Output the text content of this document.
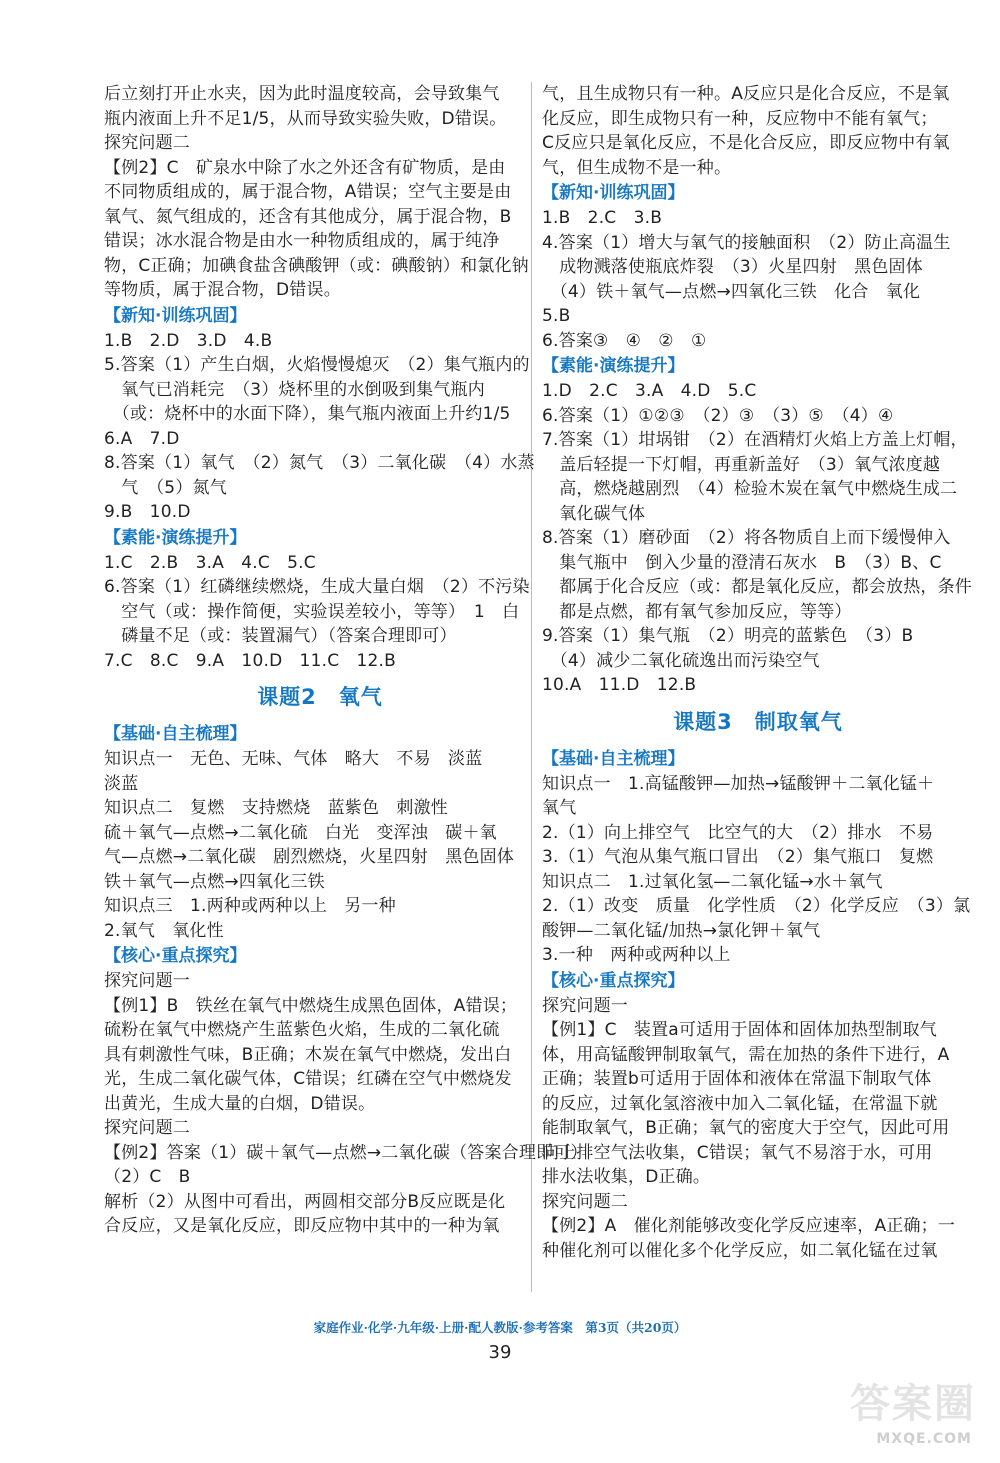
后立刻打开止水夹，因为此时温度较高，会导致集气
瓶内液面上升不足1/5，从而导致实验失败，D错误。
探究问题二
【例2】C　矿泉水中除了水之外还含有矿物质，是由
不同物质组成的，属于混合物，A错误；空气主要是由
氧气、氮气组成的，还含有其他成分，属于混合物，B
错误；冰水混合物是由水一种物质组成的，属于纯净
物，C正确；加碘食盐含碘酸钾（或：碘酸钠）和氯化钠
等物质，属于混合物，D错误。
【新知·训练巩固】
1.B　2.D　3.D　4.B
5.答案（1）产生白烟，火焰慢慢熄灭　（2）集气瓶内的
　氧气已消耗完　（3）烧杯里的水倒吸到集气瓶内
　（或：烧杯中的水面下降），集气瓶内液面上升约1/5
6.A　7.D
8.答案（1）氧气　（2）氮气　（3）二氧化碳　（4）水蒸
　气　（5）氮气
9.B　10.D
【素能·演练提升】
1.C　2.B　3.A　4.C　5.C
6.答案（1）红磷继续燃烧，生成大量白烟　（2）不污染
　空气（或：操作简便，实验误差较小，等等）　1　白
　磷量不足（或：装置漏气）（答案合理即可）
7.C　8.C　9.A　10.D　11.C　12.B
课题2　氧气
【基础·自主梳理】
知识点一　无色、无味、气体　略大　不易　淡蓝
淡蓝
知识点二　复燃　支持燃烧　蓝紫色　刺激性
硫＋氧气—点燃→二氧化硫　白光　变浑浊　碳＋氧
气—点燃→二氧化碳　剧烈燃烧，火星四射　黑色固体
铁＋氧气—点燃→四氧化三铁
知识点三　1.两种或两种以上　另一种
2.氧气　氧化性
【核心·重点探究】
探究问题一
【例1】B　铁丝在氧气中燃烧生成黑色固体，A错误；
硫粉在氧气中燃烧产生蓝紫色火焰，生成的二氧化硫
具有刺激性气味，B正确；木炭在氧气中燃烧，发出白
光，生成二氧化碳气体，C错误；红磷在空气中燃烧发
出黄光，生成大量的白烟，D错误。
探究问题二
【例2】答案（1）碳＋氧气—点燃→二氧化碳（答案合理即可）
（2）C　B
解析（2）从图中可看出，两圆相交部分B反应既是化
合反应，又是氧化反应，即反应物中其中的一种为氧
气，且生成物只有一种。A反应只是化合反应，不是氧
化反应，即生成物只有一种，反应物中不能有氧气；
C反应只是氧化反应，不是化合反应，即反应物中有氧
气，但生成物不是一种。
【新知·训练巩固】
1.B　2.C　3.B
4.答案（1）增大与氧气的接触面积　（2）防止高温生
　成物溅落使瓶底炸裂　（3）火星四射　黑色固体
　（4）铁＋氧气—点燃→四氧化三铁　化合　氧化
5.B
6.答案③　④　②　①
【素能·演练提升】
1.D　2.C　3.A　4.D　5.C
6.答案（1）①②③　（2）③　（3）⑤　（4）④
7.答案（1）坩埚钳　（2）在酒精灯火焰上方盖上灯帽，
　盖后轻提一下灯帽，再重新盖好　（3）氧气浓度越
　高，燃烧越剧烈　（4）检验木炭在氧气中燃烧生成二
　氧化碳气体
8.答案（1）磨砂面　（2）将各物质自上而下缓慢伸入
　集气瓶中　倒入少量的澄清石灰水　B　（3）B、C
　都属于化合反应（或：都是氧化反应，都会放热，条件
　都是点燃，都有氧气参加反应，等等）
9.答案（1）集气瓶　（2）明亮的蓝紫色　（3）B
　（4）减少二氧化硫逸出而污染空气
10.A　11.D　12.B
课题3　制取氧气
【基础·自主梳理】
知识点一　1.高锰酸钾—加热→锰酸钾＋二氧化锰＋
氧气
2.（1）向上排空气　比空气的大　（2）排水　不易
3.（1）气泡从集气瓶口冒出　（2）集气瓶口　复燃
知识点二　1.过氧化氢—二氧化锰→水＋氧气
2.（1）改变　质量　化学性质　（2）化学反应　（3）氯
酸钾—二氧化锰/加热→氯化钾＋氧气
3.一种　两种或两种以上
【核心·重点探究】
探究问题一
【例1】C　装置a可适用于固体和固体加热型制取气
体，用高锰酸钾制取氧气，需在加热的条件下进行，A
正确；装置b可适用于固体和液体在常温下制取气体
的反应，过氧化氢溶液中加入二氧化锰，在常温下就
能制取氧气，B正确；氧气的密度大于空气，因此可用
向上排空气法收集，C错误；氧气不易溶于水，可用
排水法收集，D正确。
探究问题二
【例2】A　催化剂能够改变化学反应速率，A正确；一
种催化剂可以催化多个化学反应，如二氧化锰在过氧
家庭作业·化学·九年级·上册·配人教版·参考答案　第3页（共20页）
39
答案圈
MXQE.COM
